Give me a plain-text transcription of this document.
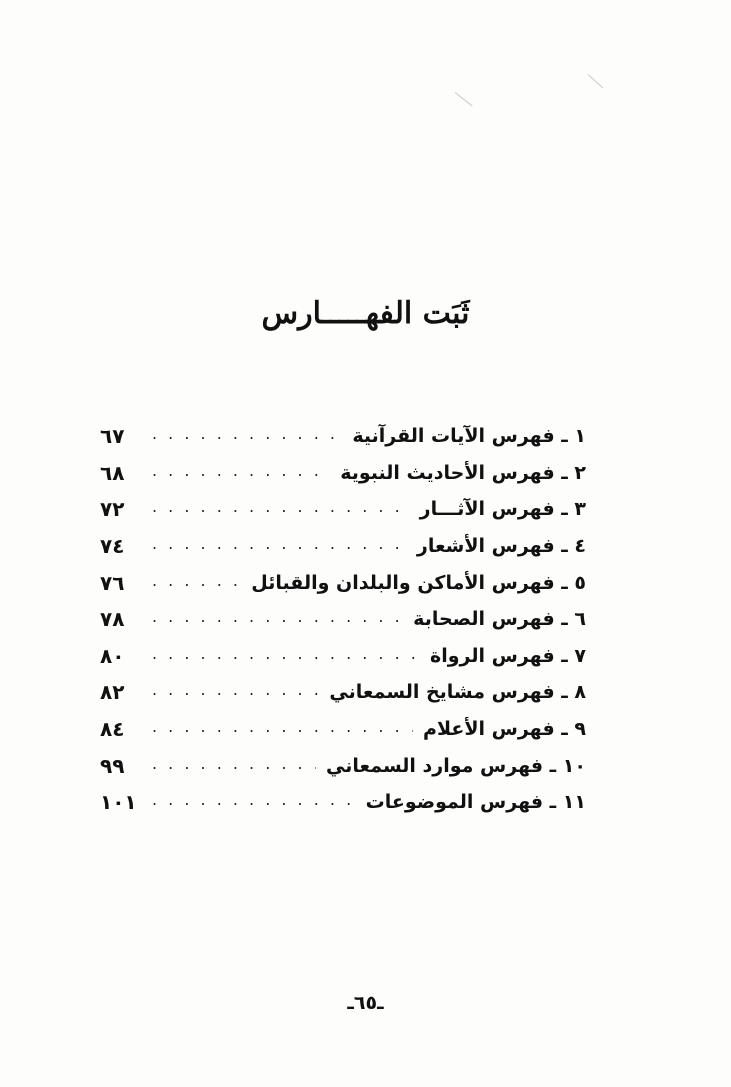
ثَبَت الفهـــــارس
١ ـ فهرس الآيات القرآنية
. . .
٦٧
٢ ـ فهرس الأحاديث النبوية
. . .
٦٨
٣ ـ فهرس الآثـــار
. . .
٧٢
٤ ـ فهرس الأشعار
. . .
٧٤
٥ ـ فهرس الأماكن والبلدان والقبائل
. . .
٧٦
٦ ـ فهرس الصحابة
. . .
٧٨
٧ ـ فهرس الرواة
. . .
٨٠
٨ ـ فهرس مشايخ السمعاني
. . .
٨٢
٩ ـ فهرس الأعلام
. . .
٨٤
١٠ ـ فهرس موارد السمعاني
. . .
٩٩
١١ ـ فهرس الموضوعات
. . .
١٠١
ـ٦٥ـ
